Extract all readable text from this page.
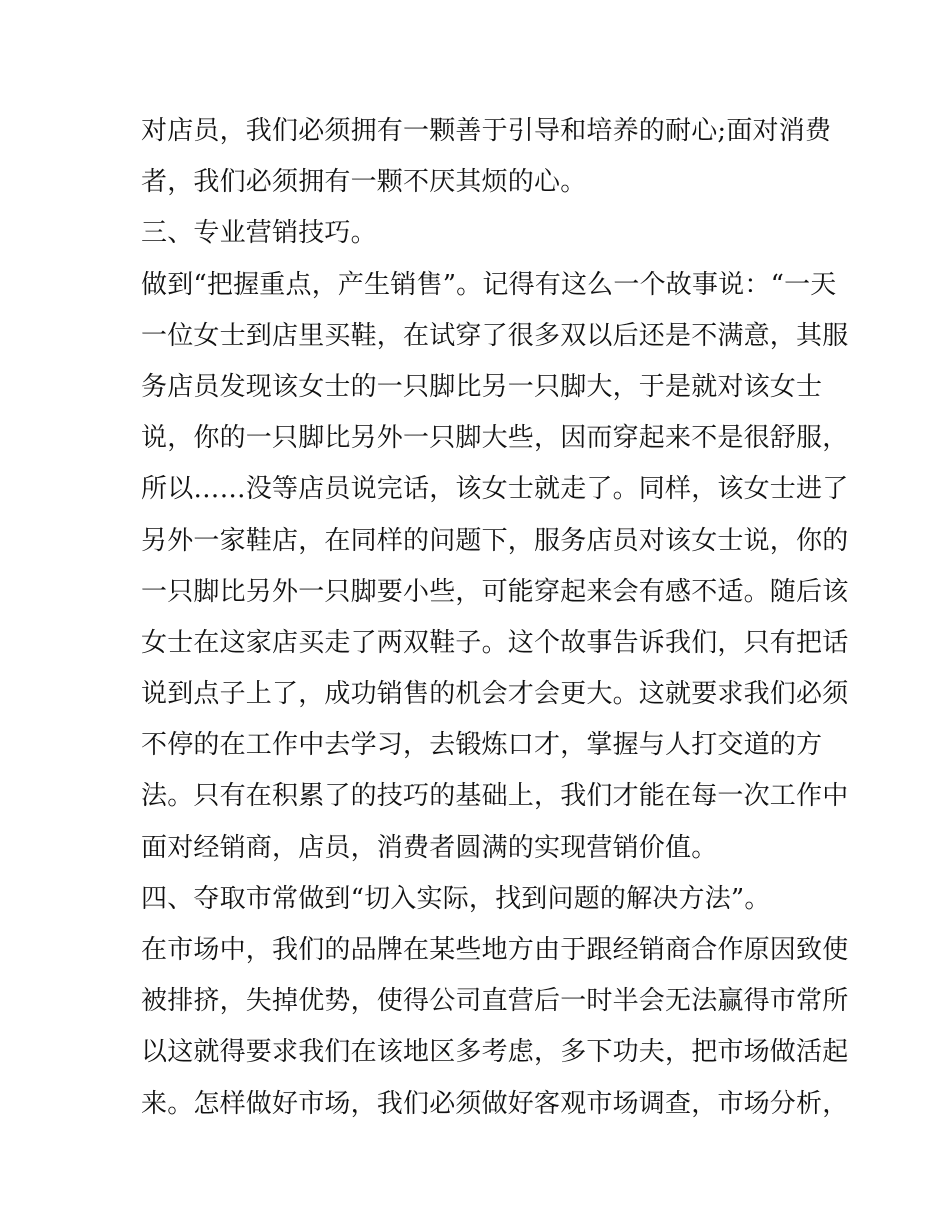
对店员，我们必须拥有一颗善于引导和培养的耐心;面对消费
者，我们必须拥有一颗不厌其烦的心。
三、专业营销技巧。
做到“把握重点，产生销售”。记得有这么一个故事说：“一天
一位女士到店里买鞋，在试穿了很多双以后还是不满意，其服
务店员发现该女士的一只脚比另一只脚大，于是就对该女士
说，你的一只脚比另外一只脚大些，因而穿起来不是很舒服，
所以……没等店员说完话，该女士就走了。同样，该女士进了
另外一家鞋店，在同样的问题下，服务店员对该女士说，你的
一只脚比另外一只脚要小些，可能穿起来会有感不适。随后该
女士在这家店买走了两双鞋子。这个故事告诉我们，只有把话
说到点子上了，成功销售的机会才会更大。这就要求我们必须
不停的在工作中去学习，去锻炼口才，掌握与人打交道的方
法。只有在积累了的技巧的基础上，我们才能在每一次工作中
面对经销商，店员，消费者圆满的实现营销价值。
四、夺取市常做到“切入实际，找到问题的解决方法”。
在市场中，我们的品牌在某些地方由于跟经销商合作原因致使
被排挤，失掉优势，使得公司直营后一时半会无法赢得市常所
以这就得要求我们在该地区多考虑，多下功夫，把市场做活起
来。怎样做好市场，我们必须做好客观市场调查，市场分析，
